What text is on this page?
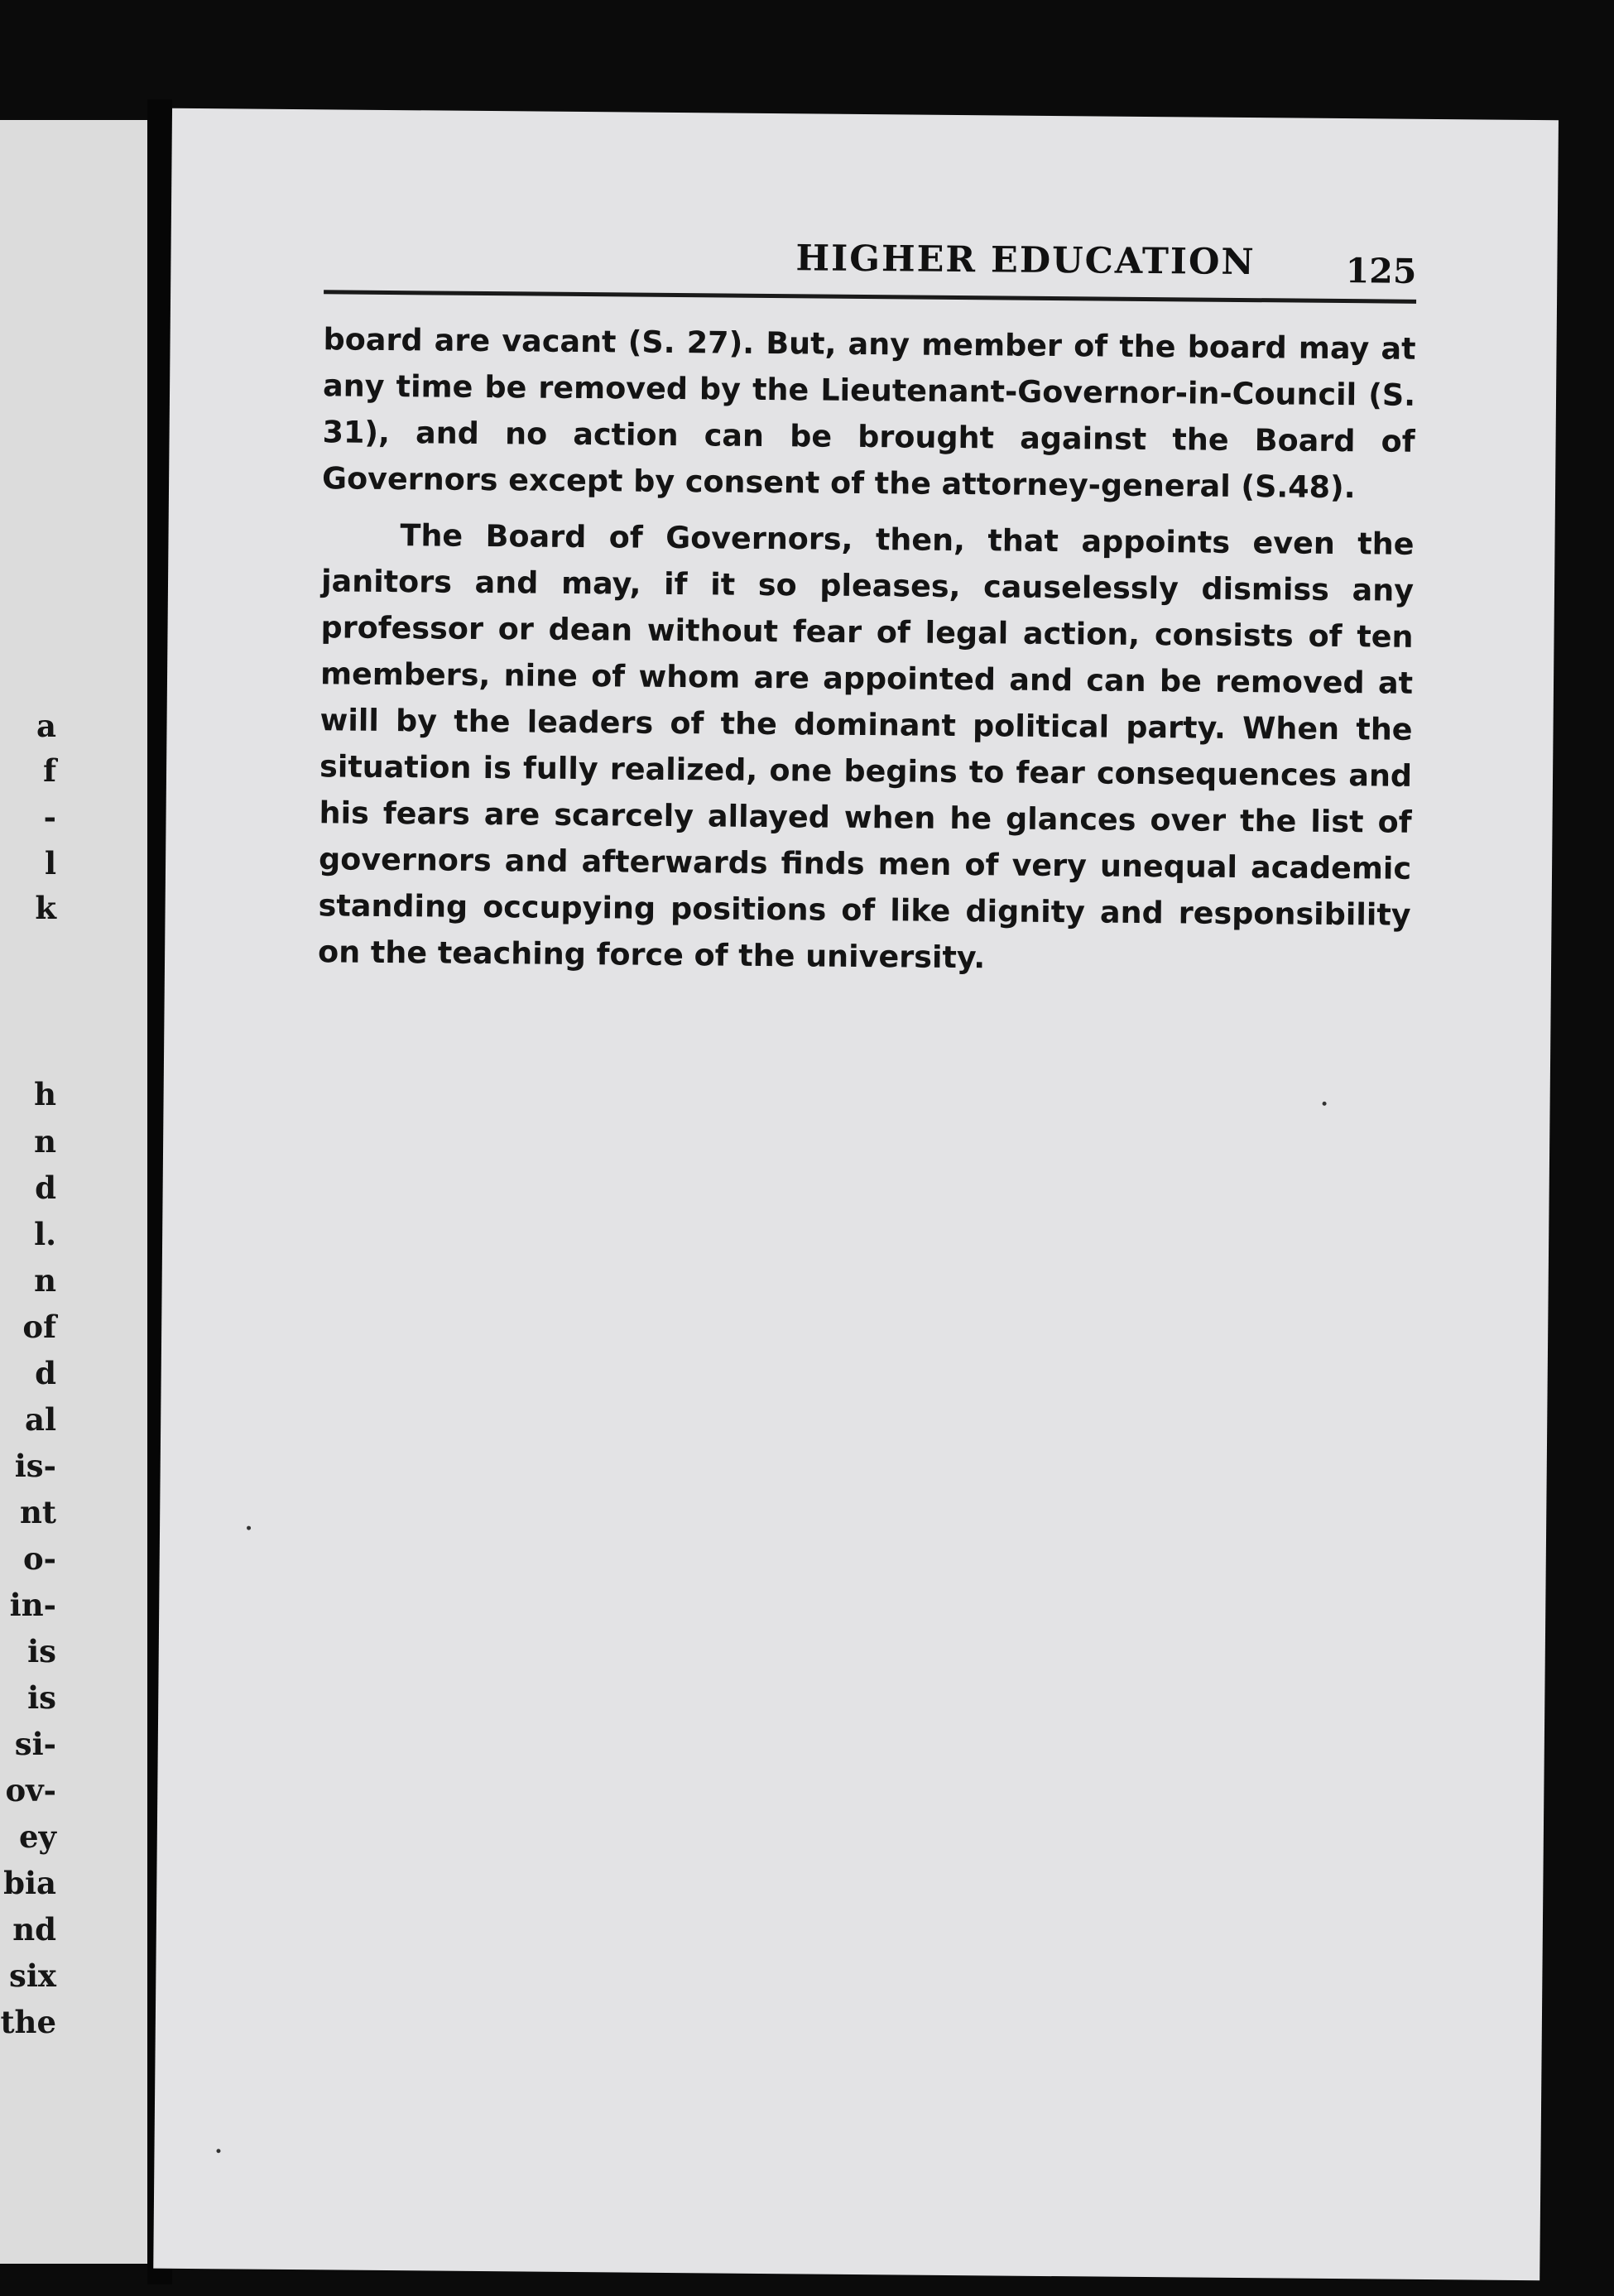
a
f
-
l
k
h
n
d
l.
n
of
d
al
is-
nt
o-
in-
is
is
si-
ov-
ey
bia
nd
six
the
HIGHER EDUCATION	125

board are vacant (S. 27). But, any member of the board may at any time be removed by the Lieutenant-Governor-in-Council (S. 31), and no action can be brought against the Board of Governors except by consent of the attorney-general (S.48).

The Board of Governors, then, that appoints even the janitors and may, if it so pleases, causelessly dismiss any professor or dean without fear of legal action, consists of ten members, nine of whom are appointed and can be removed at will by the leaders of the dominant political party. When the situation is fully realized, one begins to fear consequences and his fears are scarcely allayed when he glances over the list of governors and afterwards finds men of very unequal academic standing occupying positions of like dignity and responsibility on the teaching force of the university.
